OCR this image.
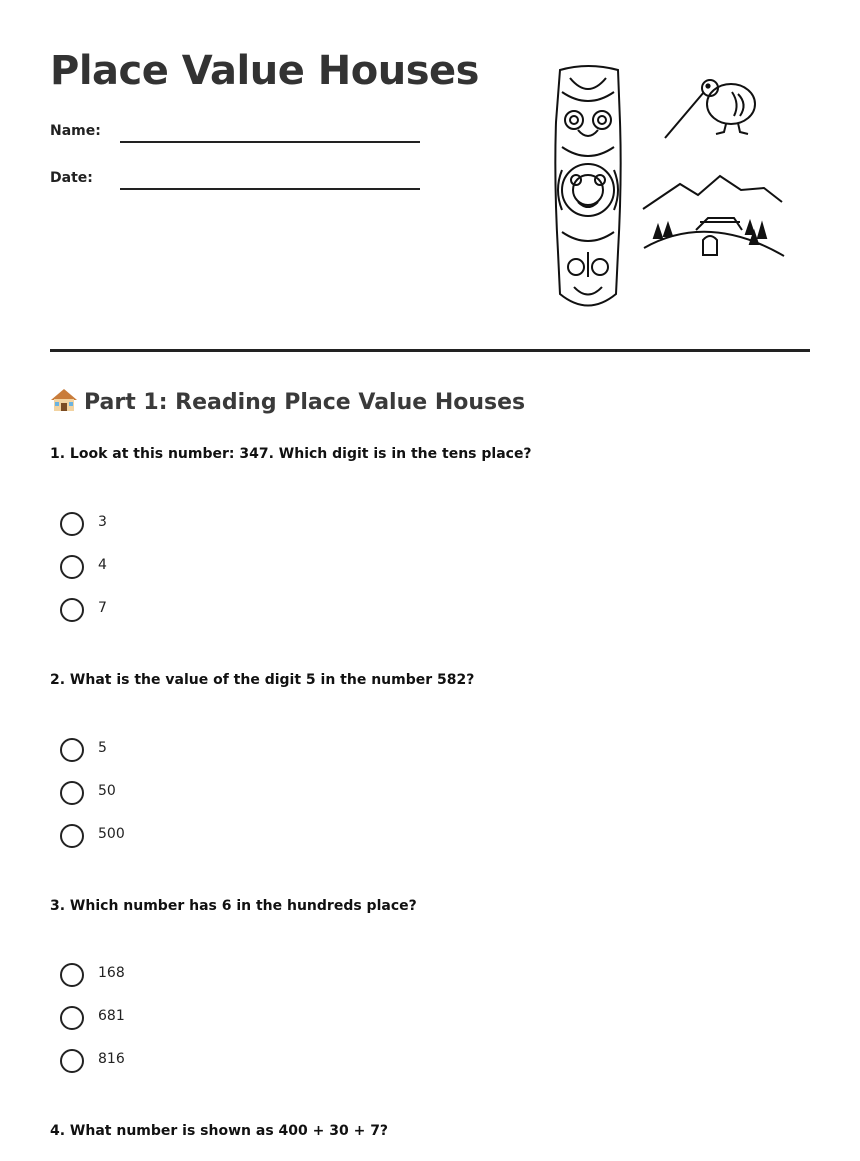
Place Value Houses
Name:
Date:
Part 1: Reading Place Value Houses

1. Look at this number: 347. Which digit is in the tens place?

3
4
7

2. What is the value of the digit 5 in the number 582?

5
50
500

3. Which number has 6 in the hundreds place?

168
681
816

4. What number is shown as 400 + 30 + 7?
